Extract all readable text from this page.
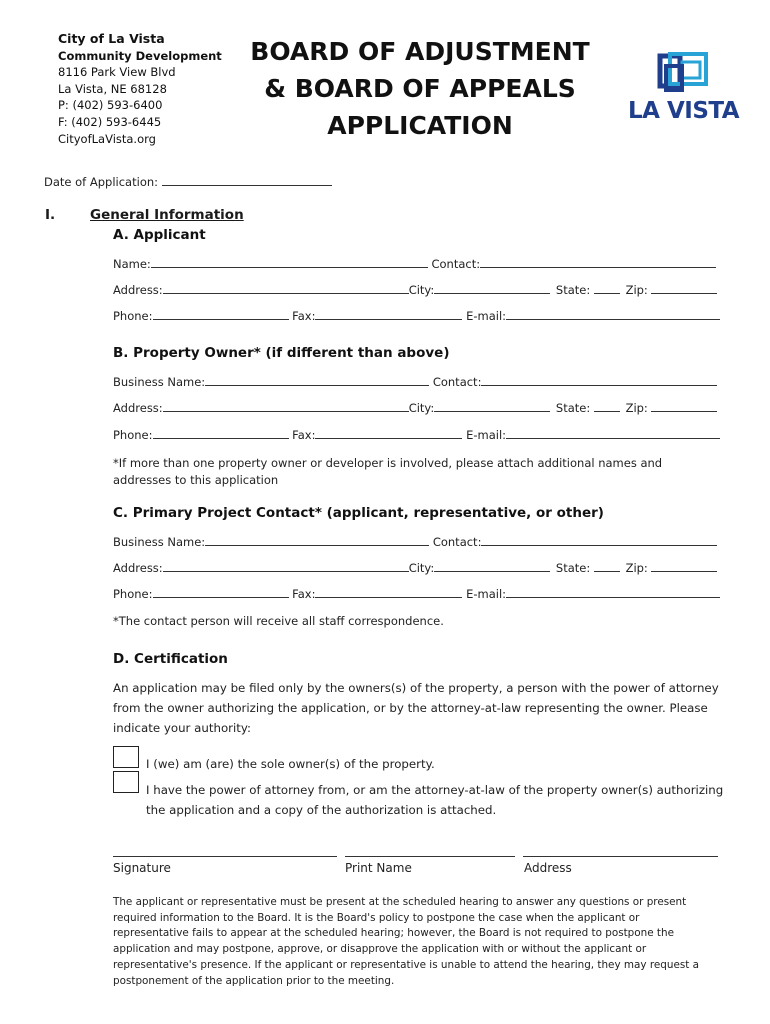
City of La Vista
Community Development
8116 Park View Blvd
La Vista, NE 68128
P: (402) 593-6400
F: (402) 593-6445
CityofLaVista.org
BOARD OF ADJUSTMENT
& BOARD OF APPEALS
APPLICATION	LA VISTA
Date of Application:
I.	General Information
A. Applicant
Name:	Contact:
Address:	City:	State:	Zip:
Phone:	Fax:	E-mail:
B. Property Owner* (if different than above)
Business Name:	Contact:
Address:	City:	State:	Zip:
Phone:	Fax:	E-mail:
*If more than one property owner or developer is involved, please attach additional names and
addresses to this application
C. Primary Project Contact* (applicant, representative, or other)
Business Name:	Contact:
Address:	City:	State:	Zip:
Phone:	Fax:	E-mail:
*The contact person will receive all staff correspondence.
D. Certification
An application may be filed only by the owners(s) of the property, a person with the power of attorney
from the owner authorizing the application, or by the attorney-at-law representing the owner. Please
indicate your authority:
I (we) am (are) the sole owner(s) of the property.
I have the power of attorney from, or am the attorney-at-law of the property owner(s) authorizing
the application and a copy of the authorization is attached.
Signature	Print Name	Address
The applicant or representative must be present at the scheduled hearing to answer any questions or present
required information to the Board. It is the Board's policy to postpone the case when the applicant or
representative fails to appear at the scheduled hearing; however, the Board is not required to postpone the
application and may postpone, approve, or disapprove the application with or without the applicant or
representative's presence. If the applicant or representative is unable to attend the hearing, they may request a
postponement of the application prior to the meeting.
